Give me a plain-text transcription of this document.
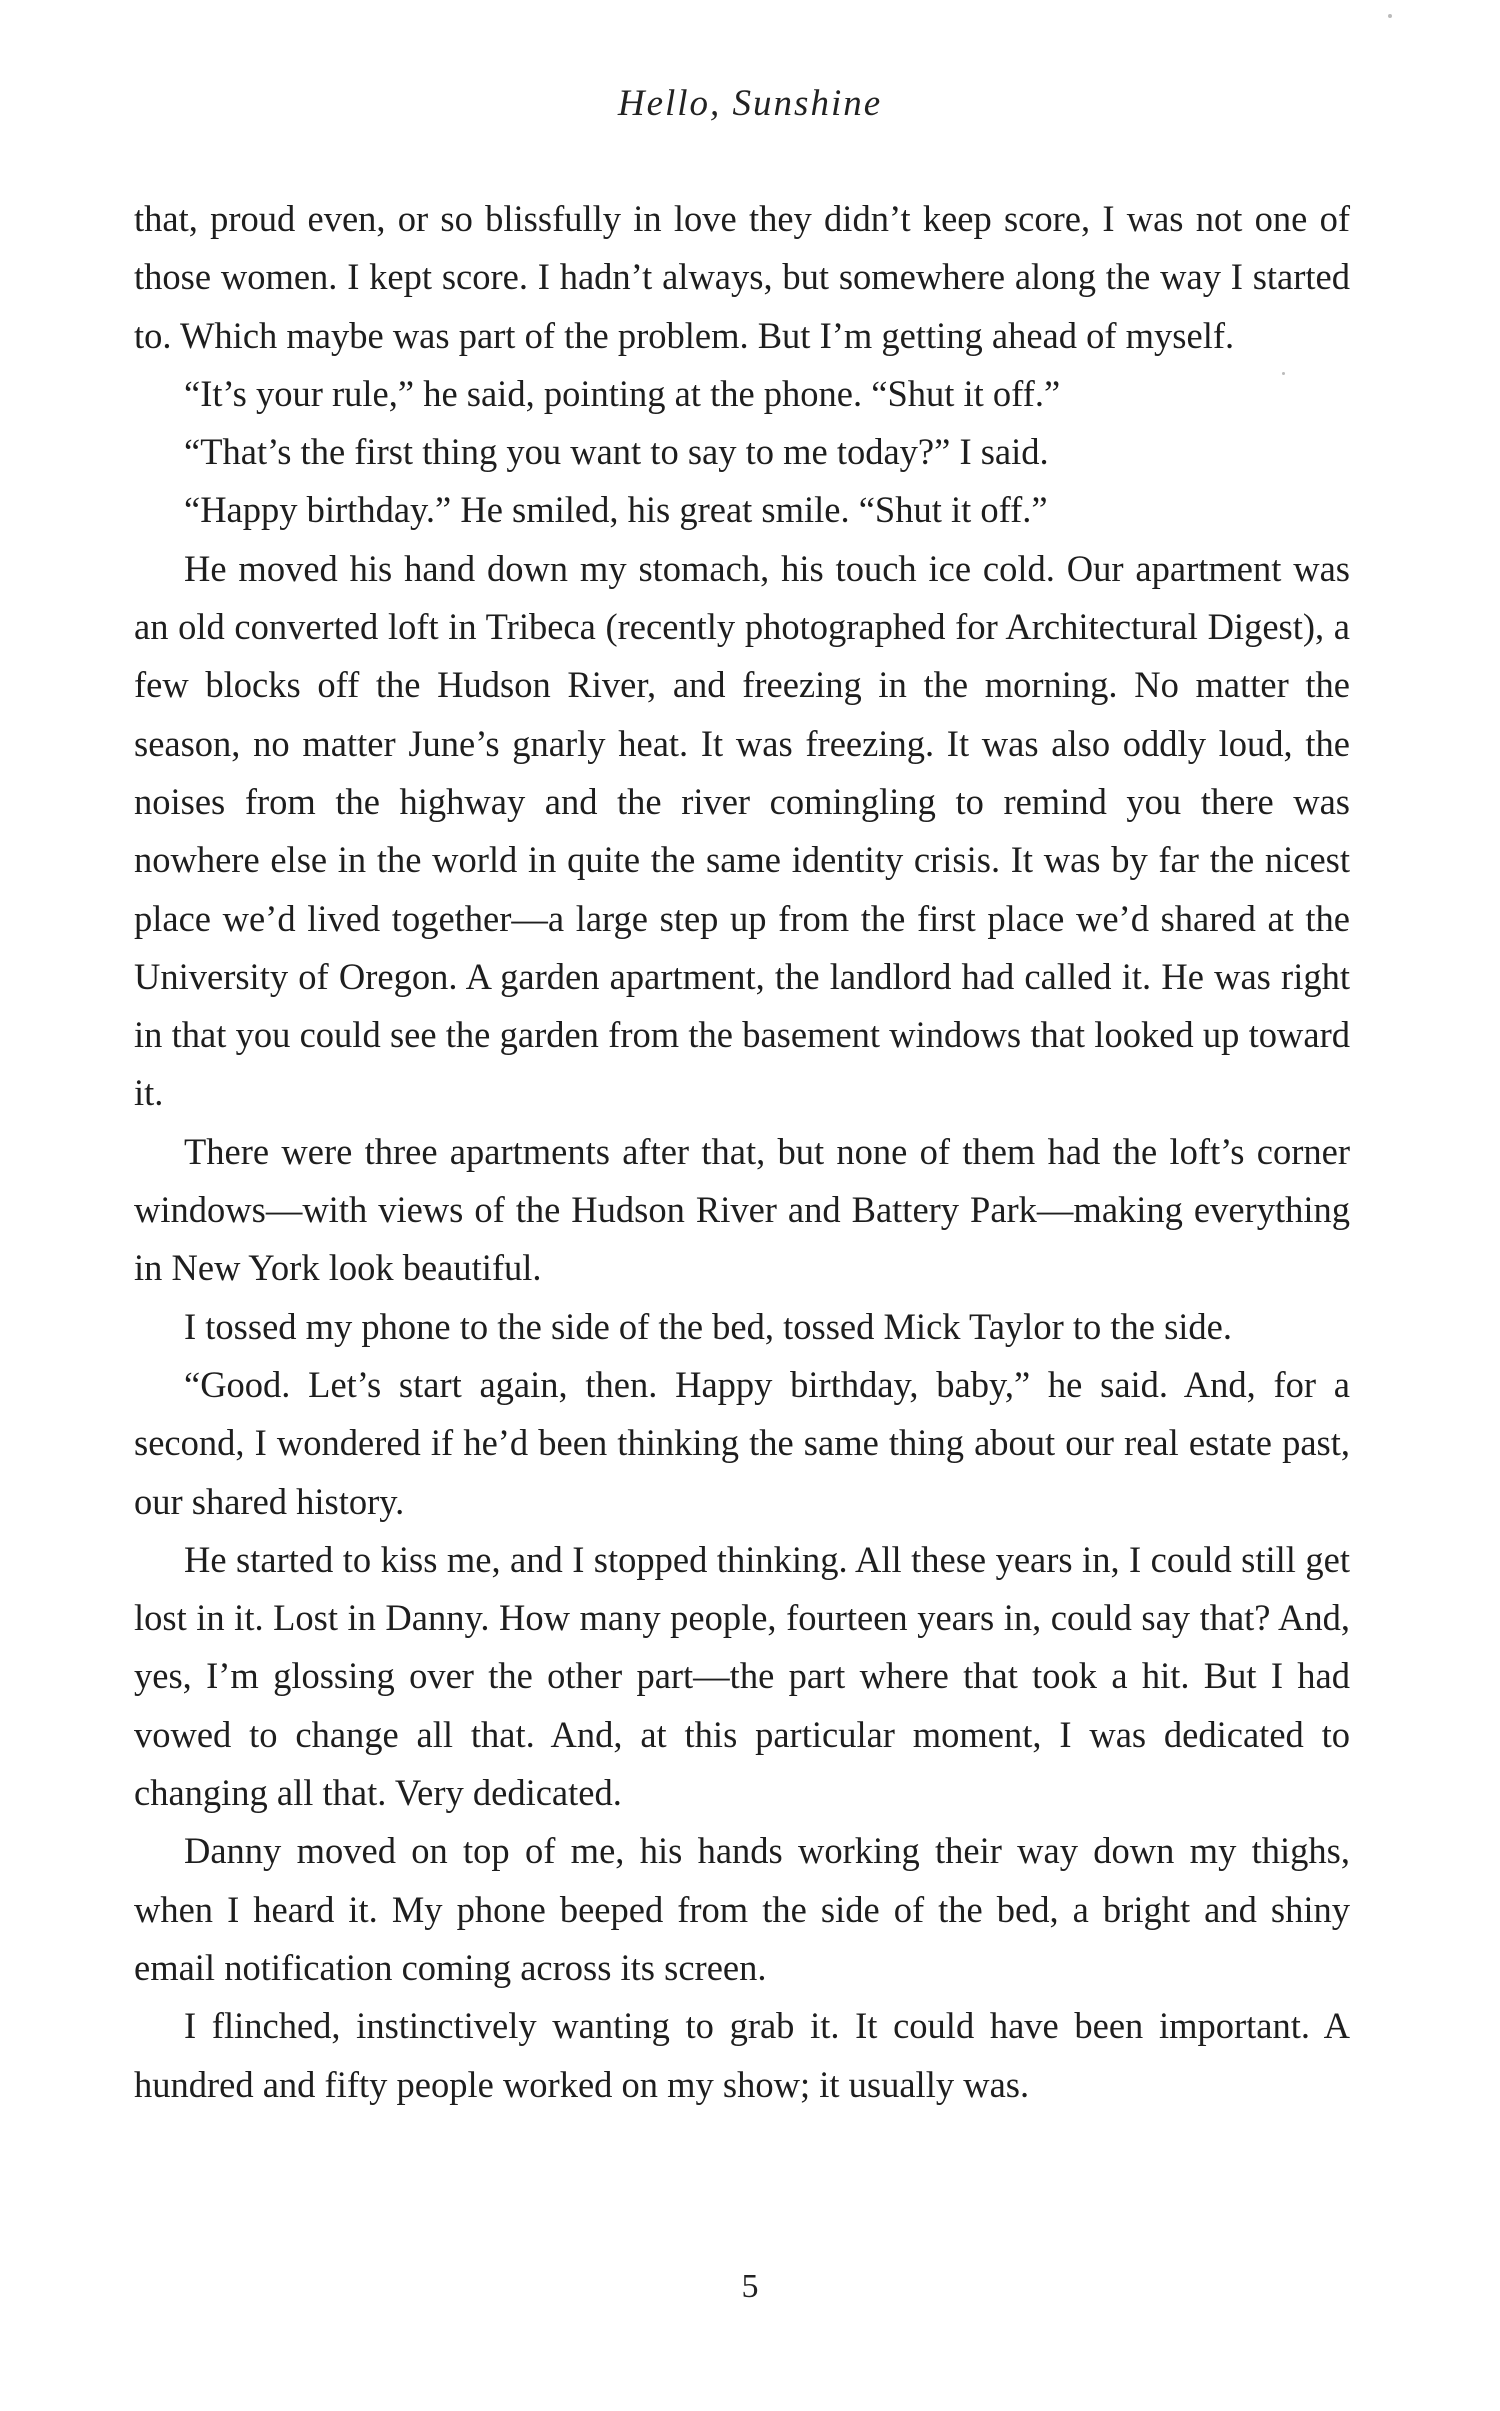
Hello, Sunshine

that, proud even, or so blissfully in love they didn’t keep score, I was not one of those women. I kept score. I hadn’t always, but somewhere along the way I started to. Which maybe was part of the problem. But I’m getting ahead of myself.

“It’s your rule,” he said, pointing at the phone. “Shut it off.”

“That’s the first thing you want to say to me today?” I said.

“Happy birthday.” He smiled, his great smile. “Shut it off.”

He moved his hand down my stomach, his touch ice cold. Our apartment was an old converted loft in Tribeca (recently photographed for Architectural Digest), a few blocks off the Hudson River, and freezing in the morning. No matter the season, no matter June’s gnarly heat. It was freezing. It was also oddly loud, the noises from the highway and the river comingling to remind you there was nowhere else in the world in quite the same identity crisis. It was by far the nicest place we’d lived together—a large step up from the first place we’d shared at the University of Oregon. A garden apartment, the landlord had called it. He was right in that you could see the garden from the basement windows that looked up toward it.

There were three apartments after that, but none of them had the loft’s corner windows—with views of the Hudson River and Battery Park—making everything in New York look beautiful.

I tossed my phone to the side of the bed, tossed Mick Taylor to the side.

“Good. Let’s start again, then. Happy birthday, baby,” he said. And, for a second, I wondered if he’d been thinking the same thing about our real estate past, our shared history.

He started to kiss me, and I stopped thinking. All these years in, I could still get lost in it. Lost in Danny. How many people, fourteen years in, could say that? And, yes, I’m glossing over the other part—the part where that took a hit. But I had vowed to change all that. And, at this particular moment, I was dedicated to changing all that. Very dedicated.

Danny moved on top of me, his hands working their way down my thighs, when I heard it. My phone beeped from the side of the bed, a bright and shiny email notification coming across its screen.

I flinched, instinctively wanting to grab it. It could have been important. A hundred and fifty people worked on my show; it usually was.

5
